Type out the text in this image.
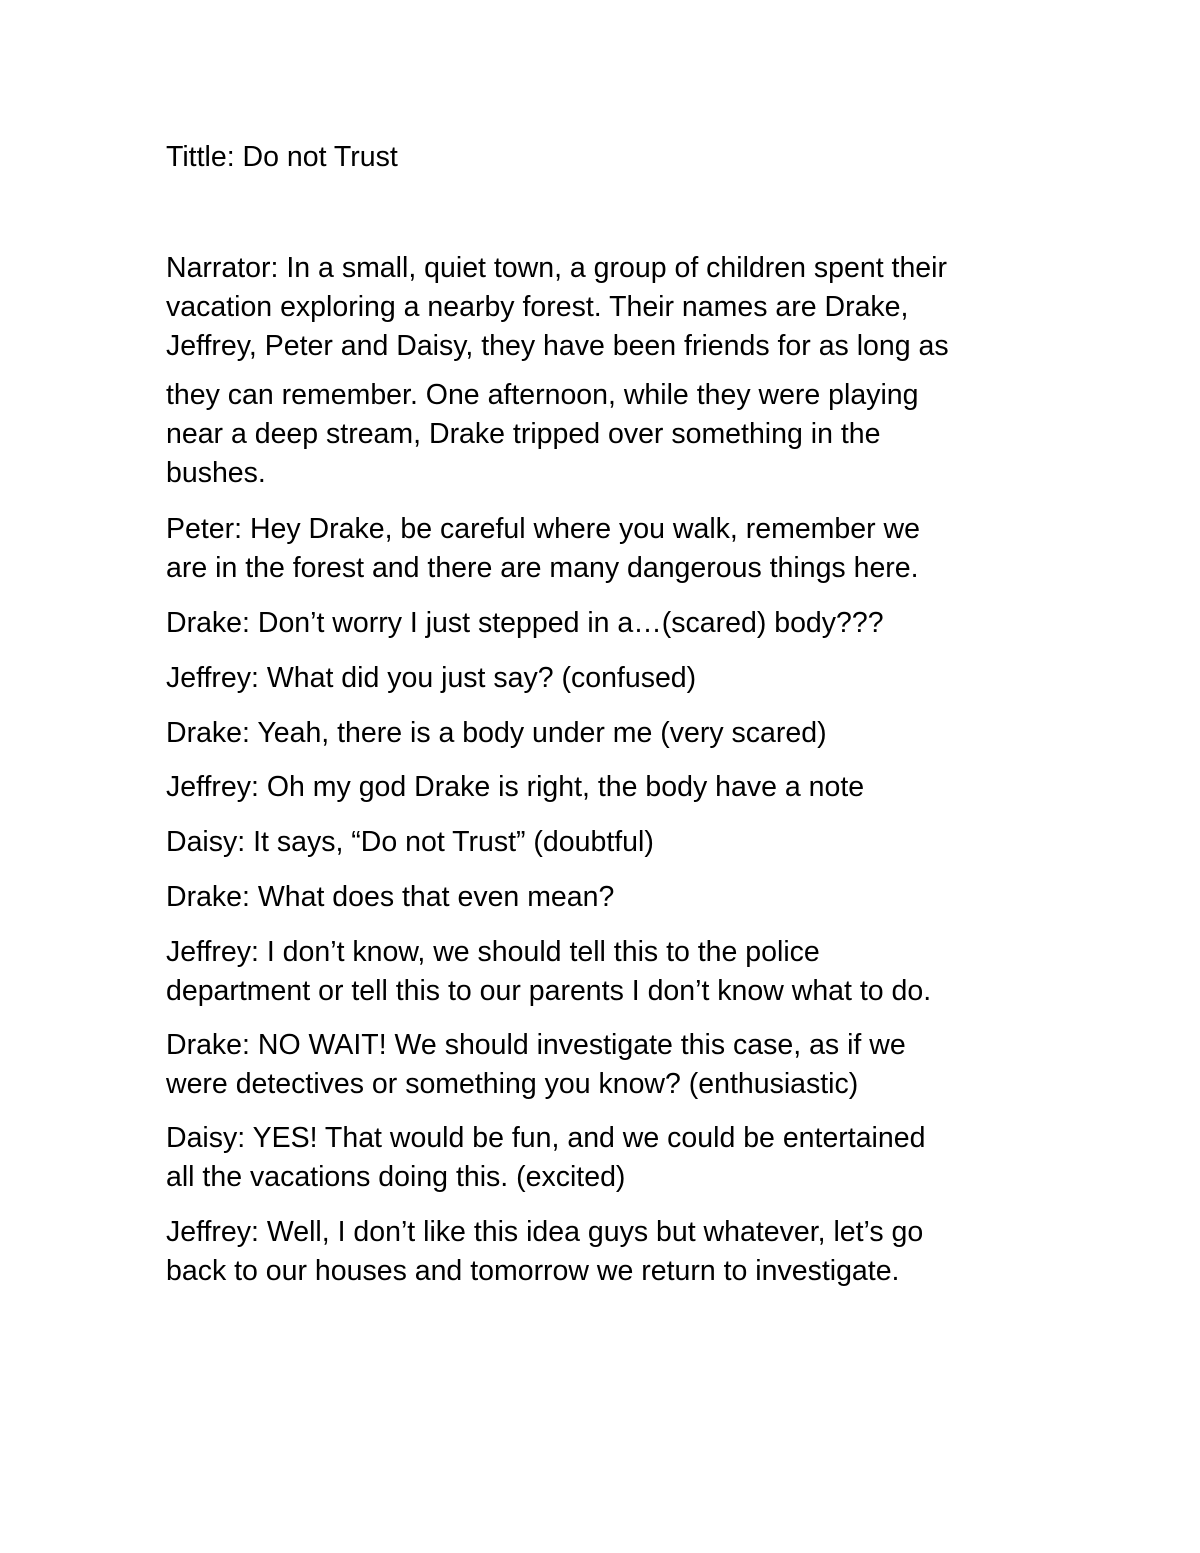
Tittle: Do not Trust

Narrator: In a small, quiet town, a group of children spent their
vacation exploring a nearby forest. Their names are Drake,
Jeffrey, Peter and Daisy, they have been friends for as long as

they can remember. One afternoon, while they were playing
near a deep stream, Drake tripped over something in the
bushes.

Peter: Hey Drake, be careful where you walk, remember we
are in the forest and there are many dangerous things here.

Drake: Don’t worry I just stepped in a…(scared) body???

Jeffrey: What did you just say? (confused)

Drake: Yeah, there is a body under me (very scared)

Jeffrey: Oh my god Drake is right, the body have a note

Daisy: It says, “Do not Trust” (doubtful)

Drake: What does that even mean?

Jeffrey: I don’t know, we should tell this to the police
department or tell this to our parents I don’t know what to do.

Drake: NO WAIT! We should investigate this case, as if we
were detectives or something you know? (enthusiastic)

Daisy: YES! That would be fun, and we could be entertained
all the vacations doing this. (excited)

Jeffrey: Well, I don’t like this idea guys but whatever, let’s go
back to our houses and tomorrow we return to investigate.
